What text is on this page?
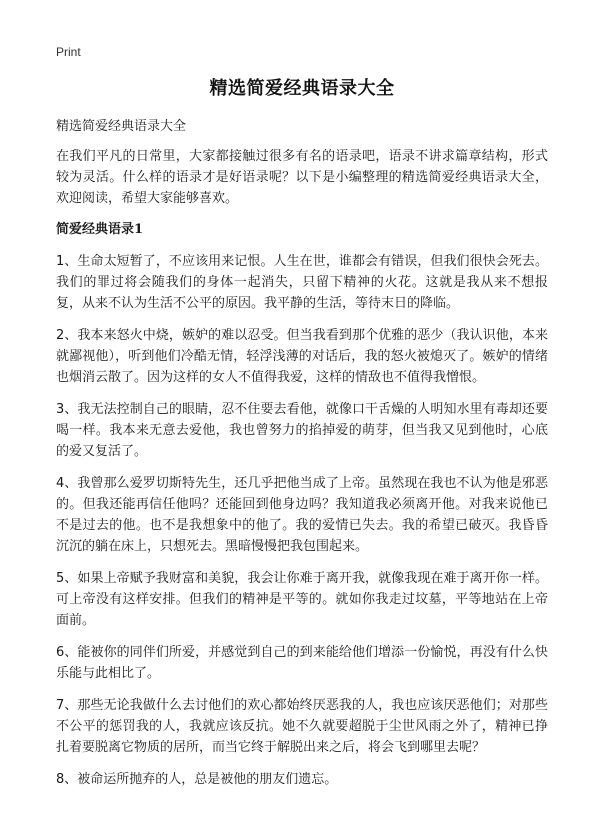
Print
精选简爱经典语录大全
精选简爱经典语录大全

在我们平凡的日常里，大家都接触过很多有名的语录吧，语录不讲求篇章结构，形式较为灵活。什么样的语录才是好语录呢？以下是小编整理的精选简爱经典语录大全，欢迎阅读，希望大家能够喜欢。

简爱经典语录1

1、生命太短暂了，不应该用来记恨。人生在世，谁都会有错误，但我们很快会死去。我们的罪过将会随我们的身体一起消失，只留下精神的火花。这就是我从来不想报复，从来不认为生活不公平的原因。我平静的生活，等待末日的降临。

2、我本来怒火中烧，嫉妒的难以忍受。但当我看到那个优雅的恶少（我认识他，本来就鄙视他），听到他们冷酷无情，轻浮浅薄的对话后，我的怒火被熄灭了。嫉妒的情绪也烟消云散了。因为这样的女人不值得我爱，这样的情敌也不值得我憎恨。

3、我无法控制自己的眼睛，忍不住要去看他，就像口干舌燥的人明知水里有毒却还要喝一样。我本来无意去爱他，我也曾努力的掐掉爱的萌芽，但当我又见到他时，心底的爱又复活了。

4、我曾那么爱罗切斯特先生，还几乎把他当成了上帝。虽然现在我也不认为他是邪恶的。但我还能再信任他吗？还能回到他身边吗？我知道我必须离开他。对我来说他已不是过去的他。也不是我想象中的他了。我的爱情已失去。我的希望已破灭。我昏昏沉沉的躺在床上，只想死去。黑暗慢慢把我包围起来。

5、如果上帝赋予我财富和美貌，我会让你难于离开我，就像我现在难于离开你一样。可上帝没有这样安排。但我们的精神是平等的。就如你我走过坟墓，平等地站在上帝面前。

6、能被你的同伴们所爱，并感觉到自己的到来能给他们增添一份愉悦，再没有什么快乐能与此相比了。

7、那些无论我做什么去讨他们的欢心都始终厌恶我的人，我也应该厌恶他们；对那些不公平的惩罚我的人，我就应该反抗。她不久就要超脱于尘世风雨之外了，精神已挣扎着要脱离它物质的居所，而当它终于解脱出来之后，将会飞到哪里去呢？

8、被命运所抛弃的人，总是被他的朋友们遗忘。
